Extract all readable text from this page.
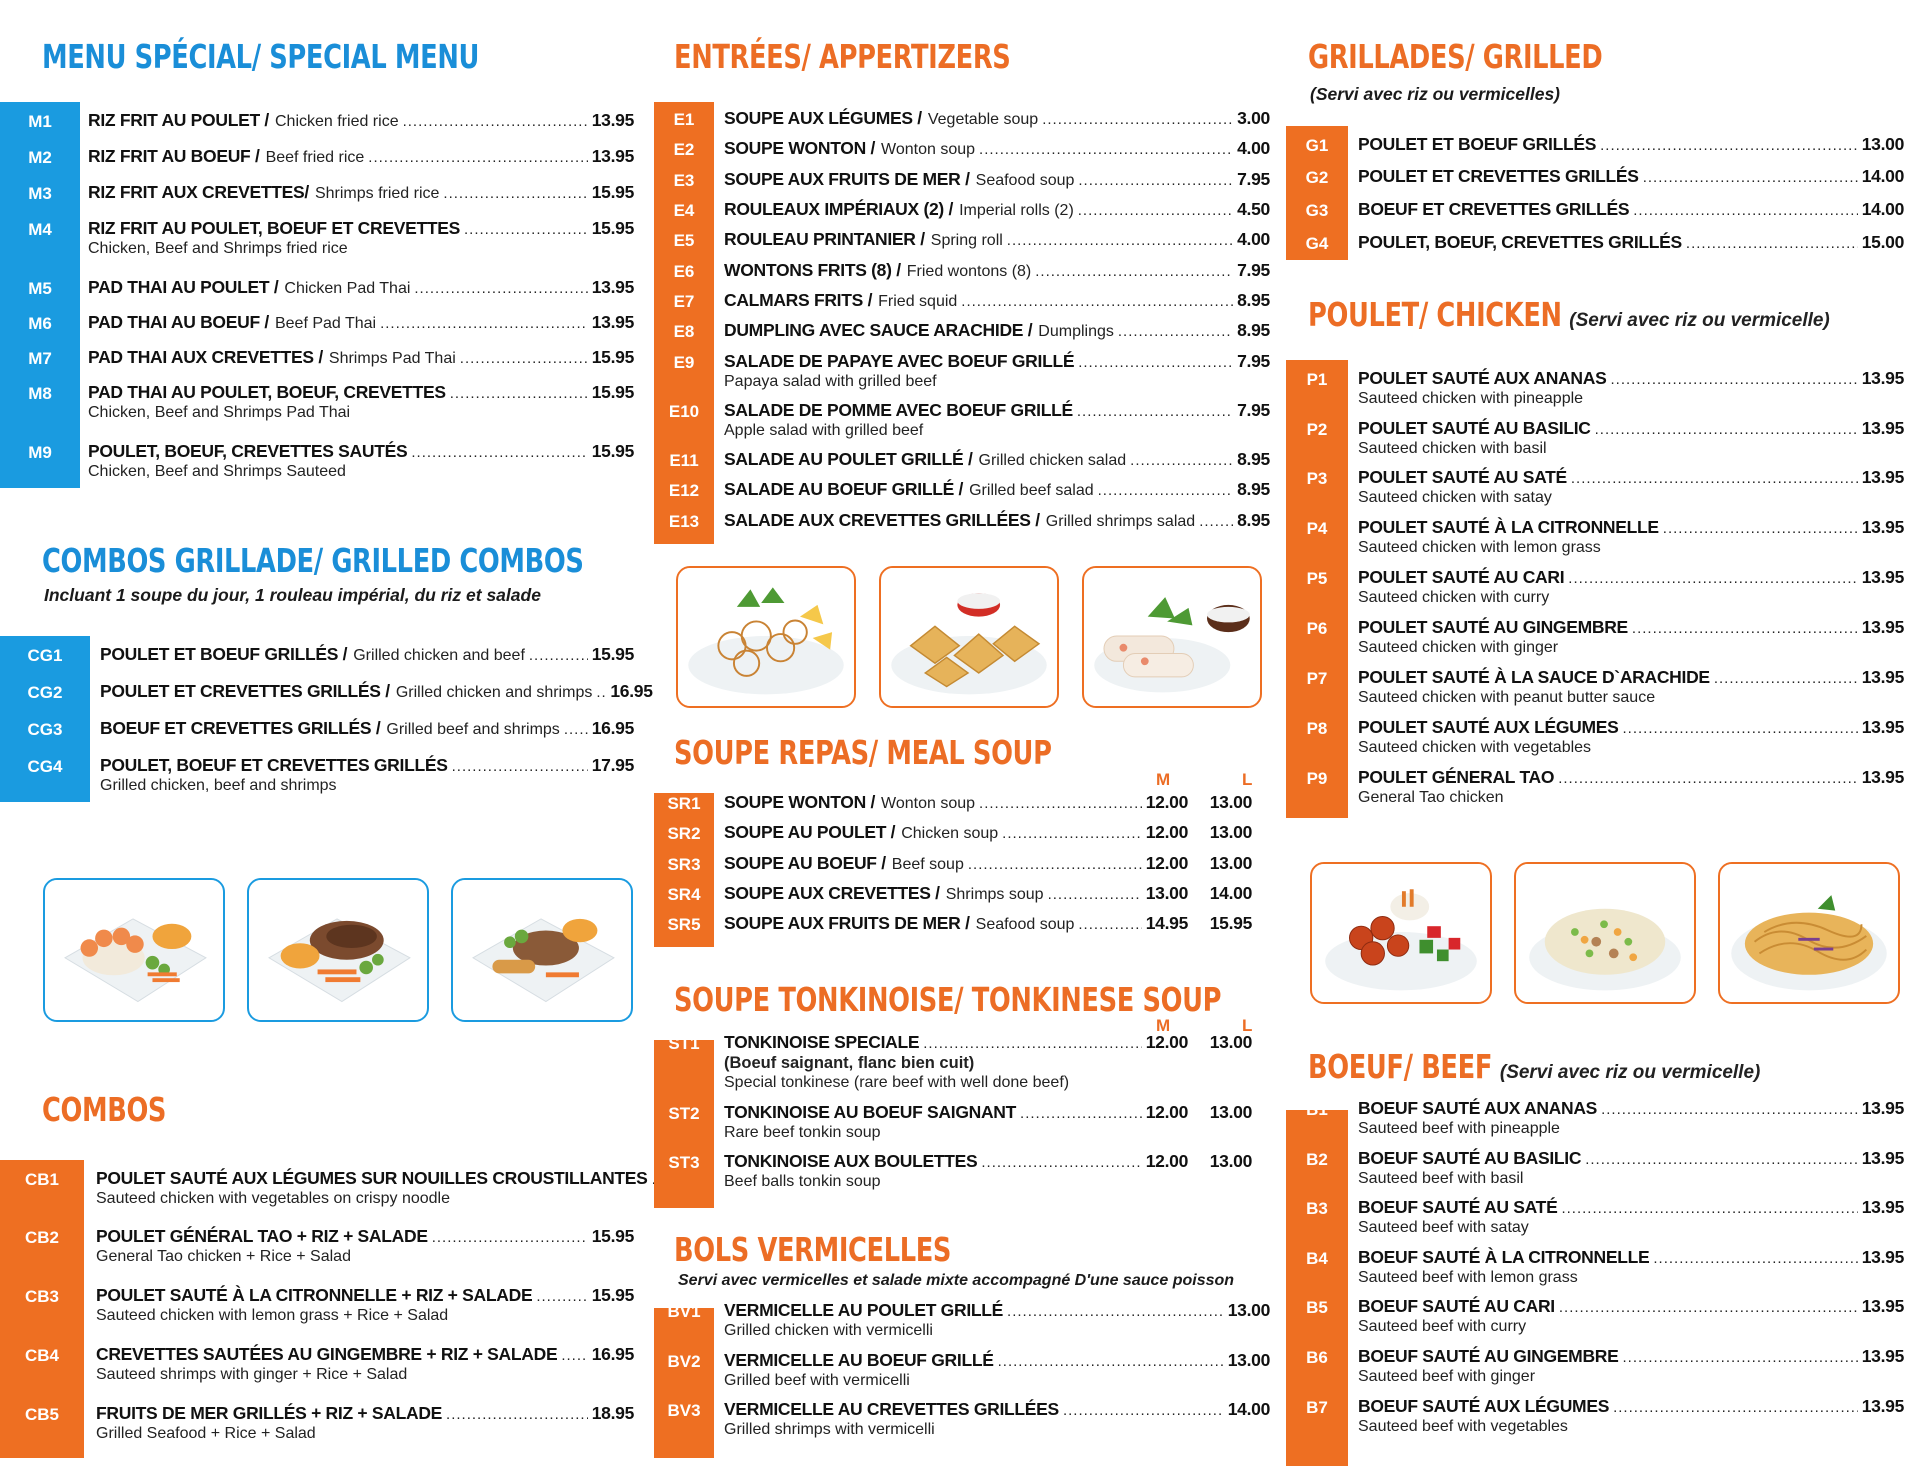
MENU SPÉCIAL/ SPECIAL MENU
M1	RIZ FRIT AU POULET / Chicken fried rice .....	13.95
M2	RIZ FRIT AU BOEUF / Beef fried rice .....	13.95
M3	RIZ FRIT AUX CREVETTES/ Shrimps fried rice .....	15.95
M4	RIZ FRIT AU POULET, BOEUF ET CREVETTES .....	15.95
Chicken, Beef and Shrimps fried rice
M5	PAD THAI AU POULET / Chicken Pad Thai .....	13.95
M6	PAD THAI AU BOEUF / Beef Pad Thai .....	13.95
M7	PAD THAI AUX CREVETTES / Shrimps Pad Thai .....	15.95
M8	PAD THAI AU POULET, BOEUF, CREVETTES .....	15.95
Chicken, Beef and Shrimps Pad Thai
M9	POULET, BOEUF, CREVETTES SAUTÉS .....	15.95
Chicken, Beef and Shrimps Sauteed
COMBOS GRILLADE/ GRILLED COMBOS
Incluant 1 soupe du jour, 1 rouleau impérial, du riz et salade
CG1	POULET ET BOEUF GRILLÉS / Grilled chicken and beef .....	15.95
CG2	POULET ET CREVETTES GRILLÉS / Grilled chicken and shrimps ..... 16.95
CG3	BOEUF ET CREVETTES GRILLÉS / Grilled beef and shrimps ..... 16.95
CG4	POULET, BOEUF ET CREVETTES GRILLÉS .....	17.95
Grilled chicken, beef and shrimps
COMBOS
CB1	POULET SAUTÉ AUX LÉGUMES SUR NOUILLES CROUSTILLANTES
.....
Sauteed chicken with vegetables on crispy noodle
CB2	POULET GÉNÉRAL TAO + RIZ + SALADE .....	15.95
General Tao chicken + Rice + Salad
CB3	POULET SAUTÉ À LA CITRONNELLE + RIZ + SALADE .....	15.95
Sauteed chicken with lemon grass + Rice + Salad
CB4	CREVETTES SAUTÉES AU GINGEMBRE + RIZ + SALADE ..... 16.95
Sauteed shrimps with ginger + Rice + Salad
CB5	FRUITS DE MER GRILLÉS + RIZ + SALADE .....	18.95
Grilled Seafood + Rice + Salad
ENTRÉES/ APPERTIZERS
E1	SOUPE AUX LÉGUMES / Vegetable soup .....	3.00
E2	SOUPE WONTON / Wonton soup .....	4.00
E3	SOUPE AUX FRUITS DE MER / Seafood soup .....	7.95
E4	ROULEAUX IMPÉRIAUX (2) / Imperial rolls (2) .....	4.50
E5	ROULEAU PRINTANIER / Spring roll .....	4.00
E6	WONTONS FRITS (8) / Fried wontons (8) .....	7.95
E7	CALMARS FRITS / Fried squid .....	8.95
E8	DUMPLING AVEC SAUCE ARACHIDE / Dumplings .....	8.95
E9	SALADE DE PAPAYE AVEC BOEUF GRILLÉ .....	7.95
Papaya salad with grilled beef
E10	SALADE DE POMME AVEC BOEUF GRILLÉ .....	7.95
Apple salad with grilled beef
E11	SALADE AU POULET GRILLÉ / Grilled chicken salad .....	8.95
E12	SALADE AU BOEUF GRILLÉ / Grilled beef salad .....	8.95
E13	SALADE AUX CREVETTES GRILLÉES / Grilled shrimps salad ..... 8.95
SOUPE REPAS/ MEAL SOUP
M	L
SR1	SOUPE WONTON / Wonton soup .....	12.00	13.00
SR2	SOUPE AU POULET / Chicken soup .....	12.00	13.00
SR3	SOUPE AU BOEUF / Beef soup .....	12.00	13.00
SR4	SOUPE AUX CREVETTES / Shrimps soup .....	13.00	14.00
SR5	SOUPE AUX FRUITS DE MER / Seafood soup .....	14.95	15.95
SOUPE TONKINOISE/ TONKINESE SOUP
M	L
ST1	TONKINOISE SPECIALE .....	12.00	13.00
(Boeuf saignant, flanc bien cuit)
Special tonkinese (rare beef with well done beef)
ST2	TONKINOISE AU BOEUF SAIGNANT .....	12.00	13.00
Rare beef tonkin soup
ST3	TONKINOISE AUX BOULETTES .....	12.00	13.00
Beef balls tonkin soup
BOLS VERMICELLES
Servi avec vermicelles et salade mixte accompagné D'une sauce poisson
BV1	VERMICELLE AU POULET GRILLÉ .....	13.00
Grilled chicken with vermicelli
BV2	VERMICELLE AU BOEUF GRILLÉ .....	13.00
Grilled beef with vermicelli
BV3	VERMICELLE AU CREVETTES GRILLÉES .....	14.00
Grilled shrimps with vermicelli
GRILLADES/ GRILLED
(Servi avec riz ou vermicelles)
G1	POULET ET BOEUF GRILLÉS .....	13.00
G2	POULET ET CREVETTES GRILLÉS .....	14.00
G3	BOEUF ET CREVETTES GRILLÉS .....	14.00
G4	POULET, BOEUF, CREVETTES GRILLÉS .....	15.00
POULET/ CHICKEN (Servi avec riz ou vermicelle)
P1	POULET SAUTÉ AUX ANANAS .....	13.95
Sauteed chicken with pineapple
P2	POULET SAUTÉ AU BASILIC .....	13.95
Sauteed chicken with basil
P3	POULET SAUTÉ AU SATÉ .....	13.95
Sauteed chicken with satay
P4	POULET SAUTÉ À LA CITRONNELLE .....	13.95
Sauteed chicken with lemon grass
P5	POULET SAUTÉ AU CARI .....	13.95
Sauteed chicken with curry
P6	POULET SAUTÉ AU GINGEMBRE .....	13.95
Sauteed chicken with ginger
P7	POULET SAUTÉ À LA SAUCE D`ARACHIDE .....	13.95
Sauteed chicken with peanut butter sauce
P8	POULET SAUTÉ AUX LÉGUMES .....	13.95
Sauteed chicken with vegetables
P9	POULET GÉNERAL TAO .....	13.95
General Tao chicken
BOEUF/ BEEF (Servi avec riz ou vermicelle)
B1	BOEUF SAUTÉ AUX ANANAS .....	13.95
Sauteed beef with pineapple
B2	BOEUF SAUTÉ AU BASILIC .....	13.95
Sauteed beef with basil
B3	BOEUF SAUTÉ AU SATÉ .....	13.95
Sauteed beef with satay
B4	BOEUF SAUTÉ À LA CITRONNELLE .....	13.95
Sauteed beef with lemon grass
B5	BOEUF SAUTÉ AU CARI .....	13.95
Sauteed beef with curry
B6	BOEUF SAUTÉ AU GINGEMBRE .....	13.95
Sauteed beef with ginger
B7	BOEUF SAUTÉ AUX LÉGUMES .....	13.95
Sauteed beef with vegetables
